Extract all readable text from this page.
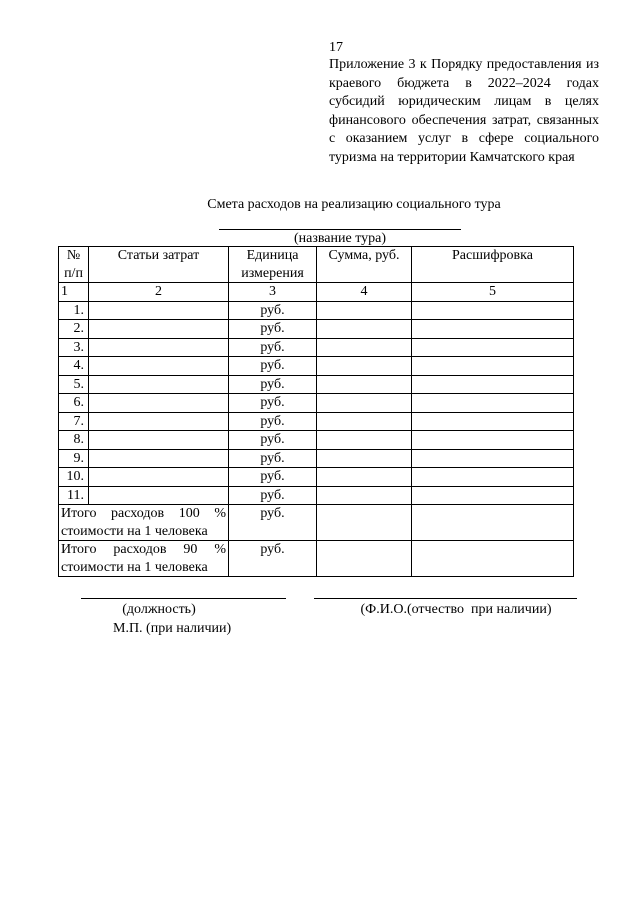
17
Приложение 3 к Порядку предоставления из краевого бюджета в 2022–2024 годах субсидий юридическим лицам в целях финансового обеспечения затрат, связанных с оказанием услуг в сфере социального туризма на территории Камчатского края
Смета расходов на реализацию социального тура
(название тура)
№ п/п	Статьи затрат	Единица измерения	Сумма, руб.	Расшифровка
1	2	3	4	5
1.		руб.		
2.		руб.		
3.		руб.		
4.		руб.		
5.		руб.		
6.		руб.		
7.		руб.		
8.		руб.		
9.		руб.		
10.		руб.		
11.		руб.		
Итого расходов 100 % стоимости на 1 человека		руб.		
Итого расходов 90 % стоимости на 1 человека		руб.		
(должность)	(Ф.И.О.(отчество  при наличии)
М.П. (при наличии)
